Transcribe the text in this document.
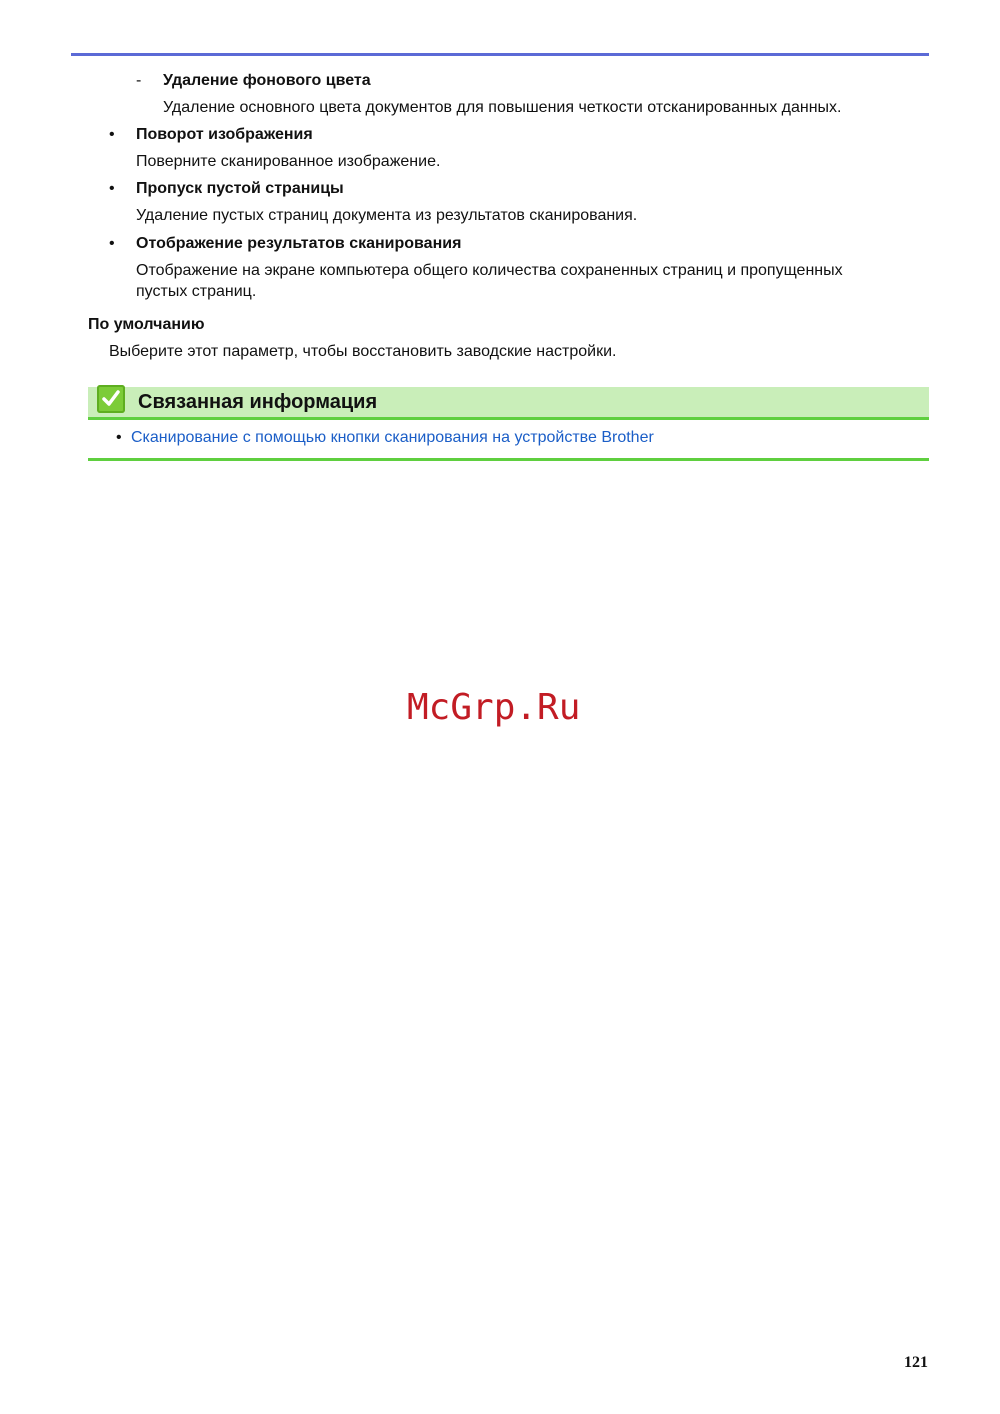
- Удаление фонового цвета
Удаление основного цвета документов для повышения четкости отсканированных данных.
• Поворот изображения
Поверните сканированное изображение.
• Пропуск пустой страницы
Удаление пустых страниц документа из результатов сканирования.
• Отображение результатов сканирования
Отображение на экране компьютера общего количества сохраненных страниц и пропущенных
пустых страниц.
По умолчанию
Выберите этот параметр, чтобы восстановить заводские настройки.
Связанная информация
• Сканирование с помощью кнопки сканирования на устройстве Brother
McGrp.Ru
121
